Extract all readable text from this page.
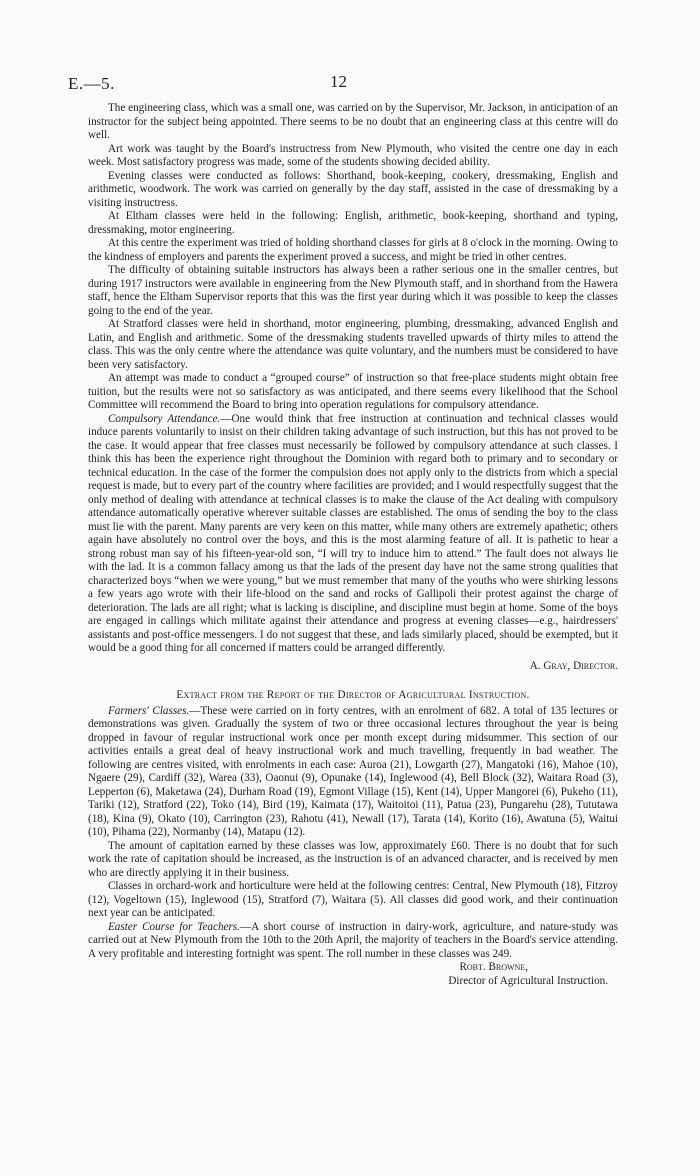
E.—5.	12

The engineering class, which was a small one, was carried on by the Supervisor, Mr. Jackson, in anticipation of an instructor for the subject being appointed. There seems to be no doubt that an engineering class at this centre will do well.

Art work was taught by the Board's instructress from New Plymouth, who visited the centre one day in each week. Most satisfactory progress was made, some of the students showing decided ability.

Evening classes were conducted as follows: Shorthand, book-keeping, cookery, dressmaking, English and arithmetic, woodwork. The work was carried on generally by the day staff, assisted in the case of dressmaking by a visiting instructress.

At Eltham classes were held in the following: English, arithmetic, book-keeping, shorthand and typing, dressmaking, motor engineering.

At this centre the experiment was tried of holding shorthand classes for girls at 8 o'clock in the morning. Owing to the kindness of employers and parents the experiment proved a success, and might be tried in other centres.

The difficulty of obtaining suitable instructors has always been a rather serious one in the smaller centres, but during 1917 instructors were available in engineering from the New Plymouth staff, and in shorthand from the Hawera staff, hence the Eltham Supervisor reports that this was the first year during which it was possible to keep the classes going to the end of the year.

At Stratford classes were held in shorthand, motor engineering, plumbing, dressmaking, advanced English and Latin, and English and arithmetic. Some of the dressmaking students travelled upwards of thirty miles to attend the class. This was the only centre where the attendance was quite voluntary, and the numbers must be considered to have been very satisfactory.

An attempt was made to conduct a “grouped course” of instruction so that free-place students might obtain free tuition, but the results were not so satisfactory as was anticipated, and there seems every likelihood that the School Committee will recommend the Board to bring into operation regulations for compulsory attendance.

Compulsory Attendance.—One would think that free instruction at continuation and technical classes would induce parents voluntarily to insist on their children taking advantage of such instruction, but this has not proved to be the case. It would appear that free classes must necessarily be followed by compulsory attendance at such classes. I think this has been the experience right throughout the Dominion with regard both to primary and to secondary or technical education. In the case of the former the compulsion does not apply only to the districts from which a special request is made, but to every part of the country where facilities are provided; and I would respectfully suggest that the only method of dealing with attendance at technical classes is to make the clause of the Act dealing with compulsory attendance automatically operative wherever suitable classes are established. The onus of sending the boy to the class must lie with the parent. Many parents are very keen on this matter, while many others are extremely apathetic; others again have absolutely no control over the boys, and this is the most alarming feature of all. It is pathetic to hear a strong robust man say of his fifteen-year-old son, “I will try to induce him to attend.” The fault does not always lie with the lad. It is a common fallacy among us that the lads of the present day have not the same strong qualities that characterized boys “when we were young,” but we must remember that many of the youths who were shirking lessons a few years ago wrote with their life-blood on the sand and rocks of Gallipoli their protest against the charge of deterioration. The lads are all right; what is lacking is discipline, and discipline must begin at home. Some of the boys are engaged in callings which militate against their attendance and progress at evening classes—e.g., hairdressers' assistants and post-office messengers. I do not suggest that these, and lads similarly placed, should be exempted, but it would be a good thing for all concerned if matters could be arranged differently.

A. Gray, Director.
Extract from the Report of the Director of Agricultural Instruction.

Farmers' Classes.—These were carried on in forty centres, with an enrolment of 682. A total of 135 lectures or demonstrations was given. Gradually the system of two or three occasional lectures throughout the year is being dropped in favour of regular instructional work once per month except during midsummer. This section of our activities entails a great deal of heavy instructional work and much travelling, frequently in bad weather. The following are centres visited, with enrolments in each case: Auroa (21), Lowgarth (27), Mangatoki (16), Mahoe (10), Ngaere (29), Cardiff (32), Warea (33), Oaonui (9), Opunake (14), Inglewood (4), Bell Block (32), Waitara Road (3), Lepperton (6), Maketawa (24), Durham Road (19), Egmont Village (15), Kent (14), Upper Mangorei (6), Pukeho (11), Tariki (12), Stratford (22), Toko (14), Bird (19), Kaimata (17), Waitoitoi (11), Patua (23), Pungarehu (28), Tututawa (18), Kina (9), Okato (10), Carrington (23), Rahotu (41), Newall (17), Tarata (14), Korito (16), Awatuna (5), Waitui (10), Pihama (22), Normanby (14), Matapu (12).

The amount of capitation earned by these classes was low, approximately £60. There is no doubt that for such work the rate of capitation should be increased, as the instruction is of an advanced character, and is received by men who are directly applying it in their business.

Classes in orchard-work and horticulture were held at the following centres: Central, New Plymouth (18), Fitzroy (12), Vogeltown (15), Inglewood (15), Stratford (7), Waitara (5). All classes did good work, and their continuation next year can be anticipated.

Easter Course for Teachers.—A short course of instruction in dairy-work, agriculture, and nature-study was carried out at New Plymouth from the 10th to the 20th April, the majority of teachers in the Board's service attending. A very profitable and interesting fortnight was spent. The roll number in these classes was 249.

Robt. Browne,
Director of Agricultural Instruction.
